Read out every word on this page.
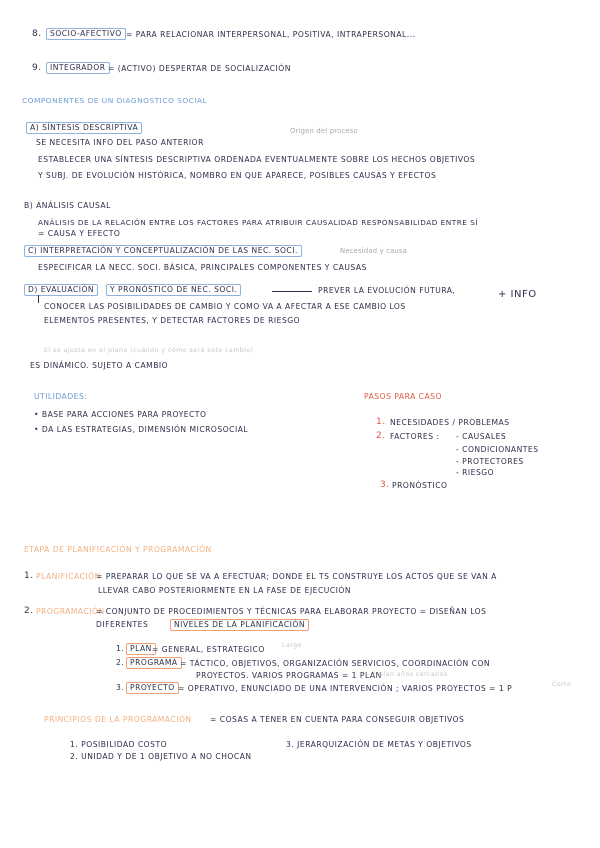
8.	SOCIO-AFECTIVO = PARA RELACIONAR INTERPERSONAL, POSITIVA, INTRAPERSONAL...
9.	INTEGRADOR = (ACTIVO) DESPERTAR DE SOCIALIZACIÓN
COMPONENTES DE UN DIAGNOSTICO SOCIAL
A) SÍNTESIS DESCRIPTIVA	Origen del proceso
SE NECESITA INFO DEL PASO ANTERIOR
ESTABLECER UNA SÍNTESIS DESCRIPTIVA ORDENADA EVENTUALMENTE SOBRE LOS HECHOS OBJETIVOS
Y SUBJ. DE EVOLUCIÓN HISTÓRICA, NOMBRO EN QUE APARECE, POSIBLES CAUSAS Y EFECTOS
B) ANÁLISIS CAUSAL
ANÁLISIS DE LA RELACIÓN ENTRE LOS FACTORES PARA ATRIBUIR CAUSALIDAD RESPONSABILIDAD ENTRE SÍ
= CAUSA Y EFECTO
C) INTERPRETACIÓN Y CONCEPTUALIZACIÓN DE LAS NEC. SOCI.	Necesidad y causa
ESPECIFICAR LA NECC. SOCI. BÁSICA, PRINCIPALES COMPONENTES Y CAUSAS
D) EVALUACIÓN	Y PRONÓSTICO DE NEC. SOCI.	PREVER LA EVOLUCIÓN FUTURA,	+ INFO
CONOCER LAS POSIBILIDADES DE CAMBIO Y COMO VA A AFECTAR A ESE CAMBIO LOS
ELEMENTOS PRESENTES, Y DETECTAR FACTORES DE RIESGO
El se ajusta en el plano (cuándo y cómo será este cambio)
ES DINÁMICO. SUJETO A CAMBIO
UTILIDADES:
• BASE PARA ACCIONES PARA PROYECTO
• DA LAS ESTRATEGIAS, DIMENSIÓN MICROSOCIAL
PASOS PARA CASO
1. NECESIDADES / PROBLEMAS
2. FACTORES : - CAUSALES
- CONDICIONANTES
- PROTECTORES
- RIESGO
3. PRONÓSTICO
ETAPA DE PLANIFICACIÓN Y PROGRAMACIÓN
1. PLANIFICACIÓN
= PREPARAR LO QUE SE VA A EFECTUAR; DONDE EL TS CONSTRUYE LOS ACTOS QUE SE VAN A
LLEVAR CABO POSTERIORMENTE EN LA FASE DE EJECUCIÓN
2. PROGRAMACIÓN
= CONJUNTO DE PROCEDIMIENTOS Y TÉCNICAS PARA ELABORAR PROYECTO = DISEÑAN LOS
DIFERENTES	NIVELES DE LA PLANIFICACIÓN
1. PLAN = GENERAL, ESTRATEGICO	Largo
2. PROGRAMA = TÁCTICO, OBJETIVOS, ORGANIZACIÓN SERVICIOS, COORDINACIÓN CON
PROYECTOS. VARIOS PROGRAMAS = 1 PLAN
1 plan años cercanos
3. PROYECTO = OPERATIVO, ENUNCIADO DE UNA INTERVENCIÓN ; VARIOS PROYECTOS = 1 P	Corto
PRINCIPIOS DE LA PROGRAMACIÓN = COSAS A TENER EN CUENTA PARA CONSEGUIR OBJETIVOS
1. POSIBILIDAD COSTO
2. UNIDAD Y DE 1 OBJETIVO A NO CHOCAN
3. JERARQUIZACIÓN DE METAS Y OBJETIVOS
